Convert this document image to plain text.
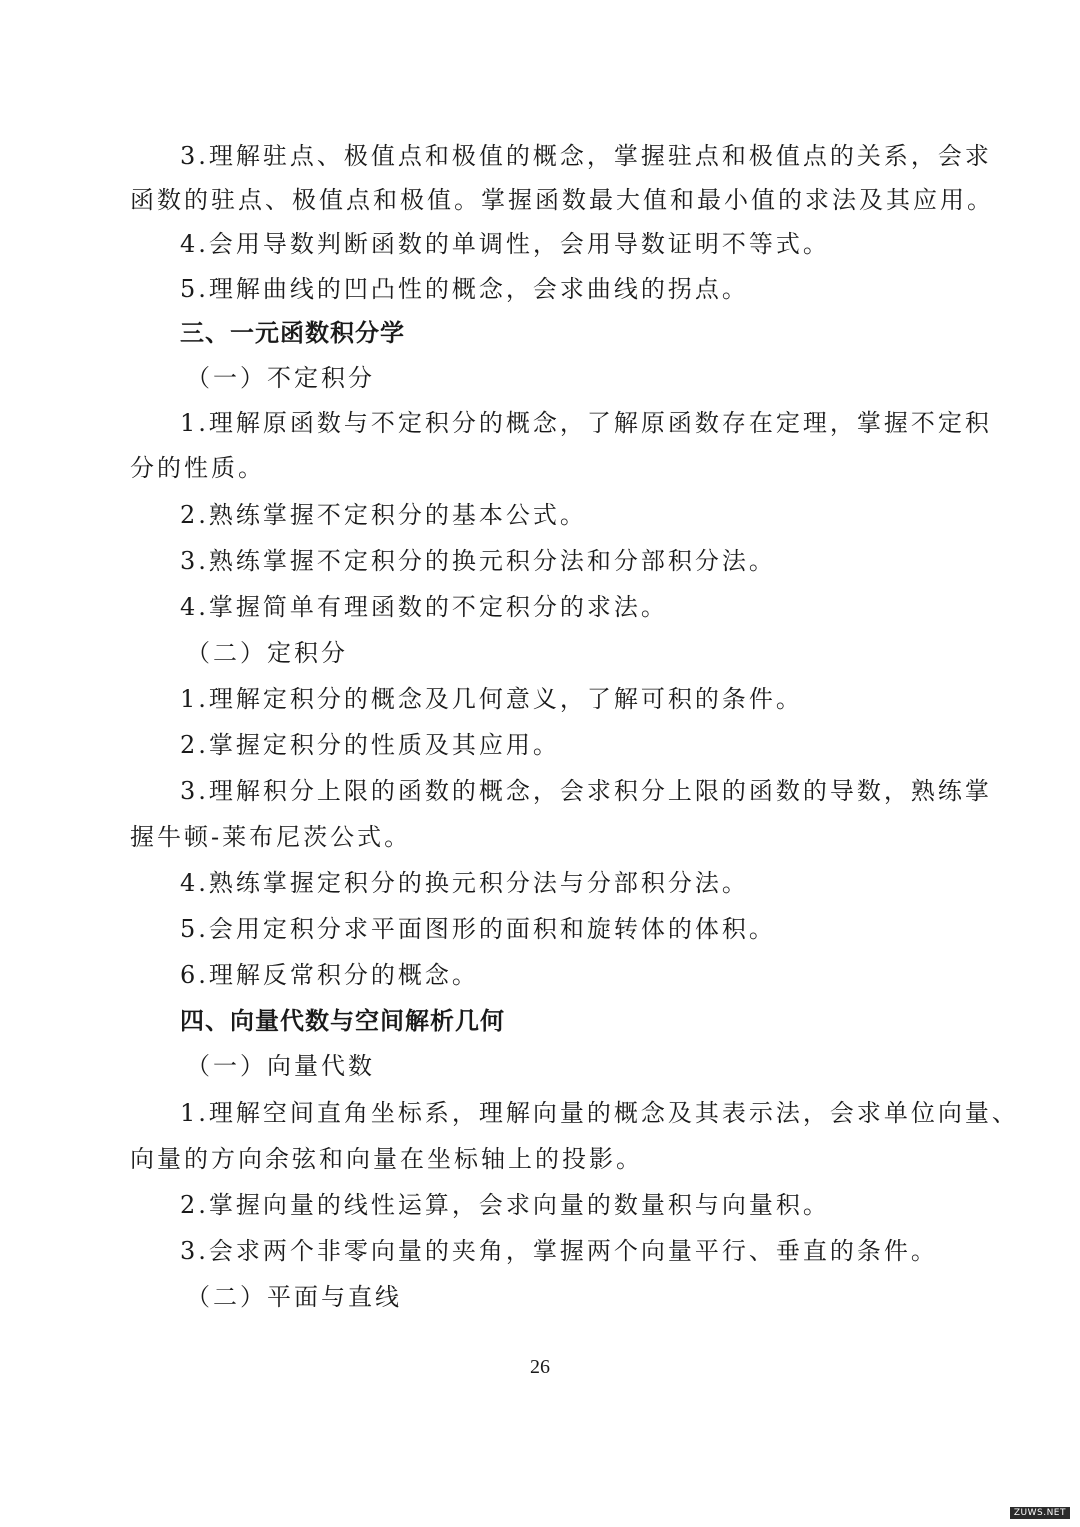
3.理解驻点、极值点和极值的概念，掌握驻点和极值点的关系，会求
函数的驻点、极值点和极值。掌握函数最大值和最小值的求法及其应用。
4.会用导数判断函数的单调性，会用导数证明不等式。
5.理解曲线的凹凸性的概念，会求曲线的拐点。
三、一元函数积分学
（一）不定积分
1.理解原函数与不定积分的概念，了解原函数存在定理，掌握不定积
分的性质。
2.熟练掌握不定积分的基本公式。
3.熟练掌握不定积分的换元积分法和分部积分法。
4.掌握简单有理函数的不定积分的求法。
（二）定积分
1.理解定积分的概念及几何意义，了解可积的条件。
2.掌握定积分的性质及其应用。
3.理解积分上限的函数的概念，会求积分上限的函数的导数，熟练掌
握牛顿-莱布尼茨公式。
4.熟练掌握定积分的换元积分法与分部积分法。
5.会用定积分求平面图形的面积和旋转体的体积。
6.理解反常积分的概念。
四、向量代数与空间解析几何
（一）向量代数
1.理解空间直角坐标系，理解向量的概念及其表示法，会求单位向量、
向量的方向余弦和向量在坐标轴上的投影。
2.掌握向量的线性运算，会求向量的数量积与向量积。
3.会求两个非零向量的夹角，掌握两个向量平行、垂直的条件。
（二）平面与直线
26
ZUWS.NET
